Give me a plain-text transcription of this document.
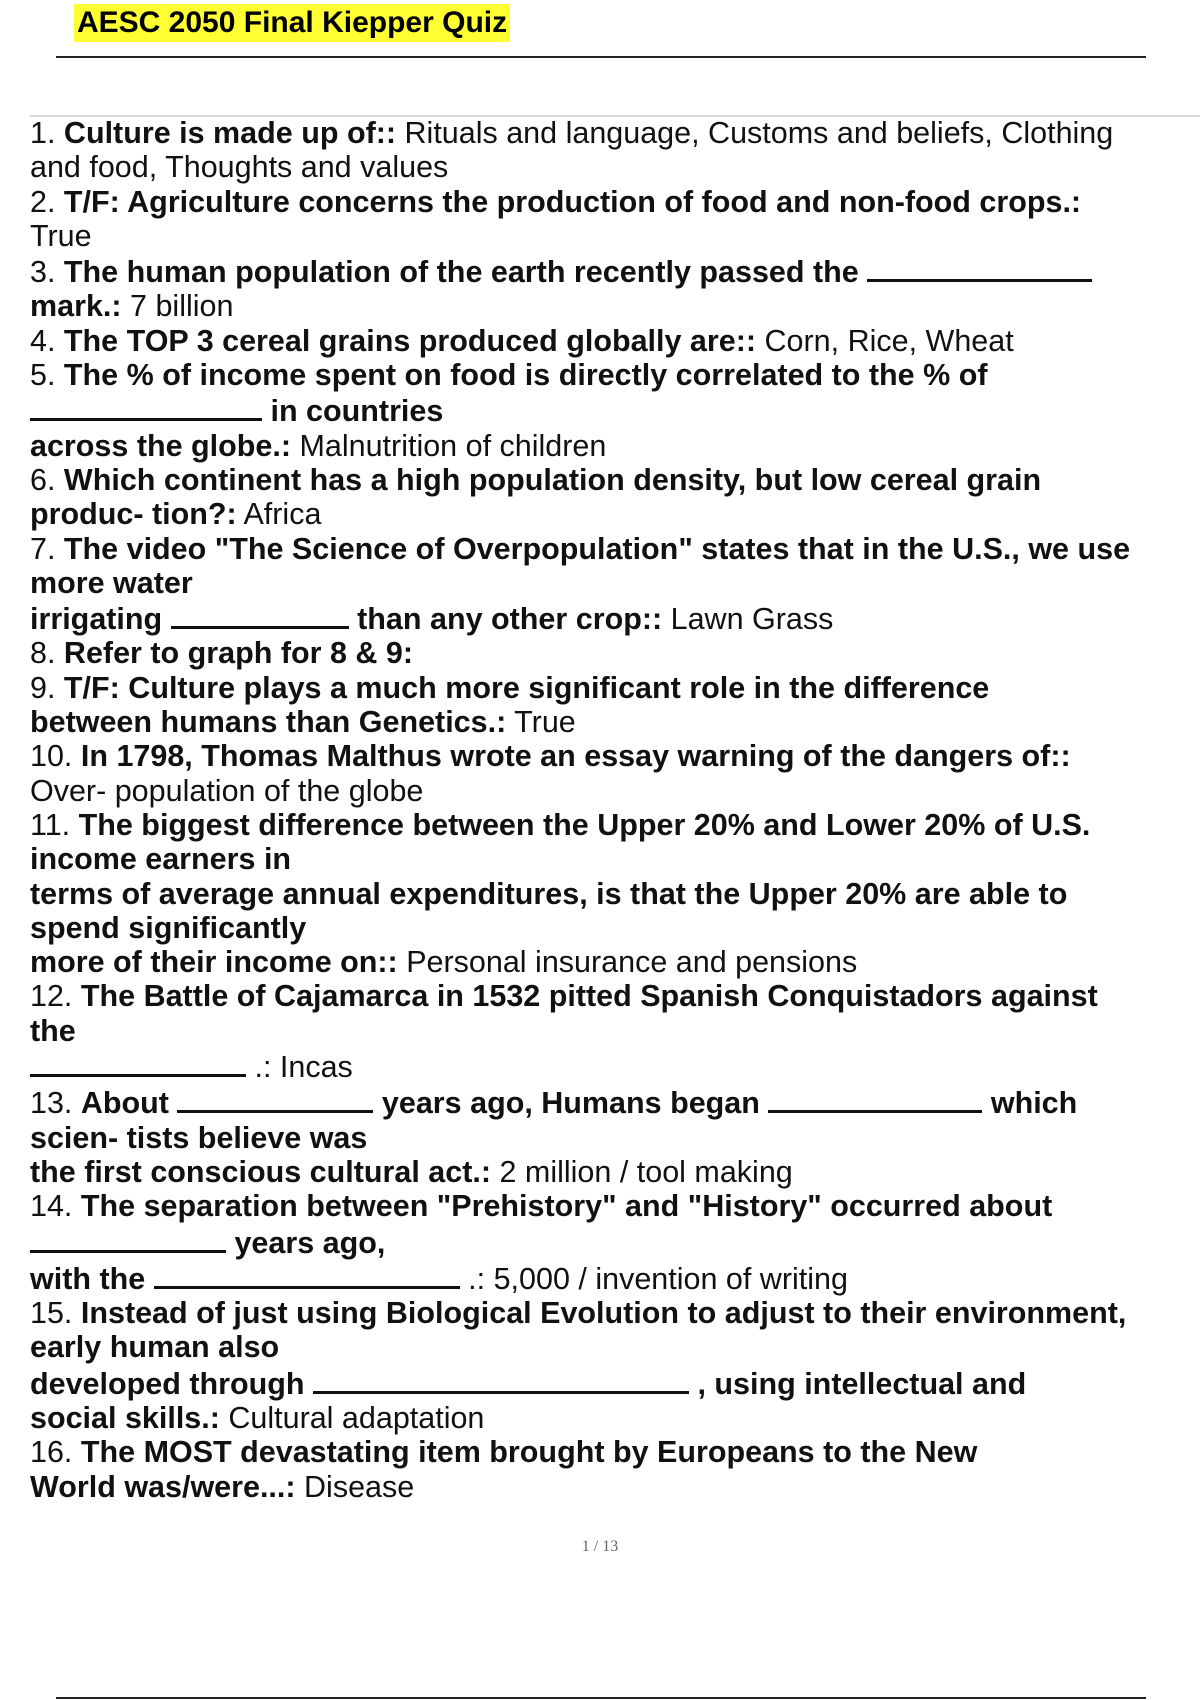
AESC 2050 Final Kiepper Quiz
1. Culture is made up of:: Rituals and language, Customs and beliefs, Clothing
and food, Thoughts and values
2. T/F: Agriculture concerns the production of food and non-food crops.:
True
3. The human population of the earth recently passed the
mark.: 7 billion
4. The TOP 3 cereal grains produced globally are:: Corn, Rice, Wheat
5. The % of income spent on food is directly correlated to the % of
in countries
across the globe.: Malnutrition of children
6. Which continent has a high population density, but low cereal grain
produc- tion?: Africa
7. The video "The Science of Overpopulation" states that in the U.S., we use
more water
irrigating	than any other crop:: Lawn Grass
8. Refer to graph for 8 & 9:
9. T/F: Culture plays a much more significant role in the difference
between humans than Genetics.: True
10. In 1798, Thomas Malthus wrote an essay warning of the dangers of::
Over- population of the globe
11. The biggest difference between the Upper 20% and Lower 20% of U.S.
income earners in
terms of average annual expenditures, is that the Upper 20% are able to
spend significantly
more of their income on:: Personal insurance and pensions
12. The Battle of Cajamarca in 1532 pitted Spanish Conquistadors against
the
.: Incas
13. About	years ago, Humans began	which
scien- tists believe was
the first conscious cultural act.: 2 million / tool making
14. The separation between "Prehistory" and "History" occurred about
years ago,
with the	.: 5,000 / invention of writing
15. Instead of just using Biological Evolution to adjust to their environment,
early human also
developed through	, using intellectual and
social skills.: Cultural adaptation
16. The MOST devastating item brought by Europeans to the New
World was/were...: Disease
1 / 13
